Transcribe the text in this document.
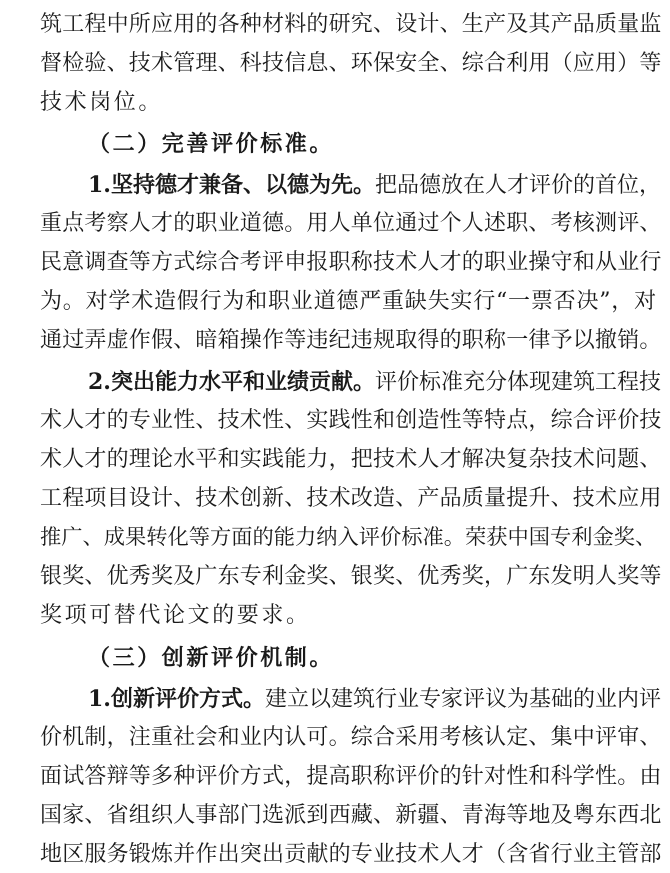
筑工程中所应用的各种材料的研究、设计、生产及其产品质量监
督检验、技术管理、科技信息、环保安全、综合利用（应用）等
技术岗位。
（二）完善评价标准。
1.坚持德才兼备、以德为先。把品德放在人才评价的首位，
重点考察人才的职业道德。用人单位通过个人述职、考核测评、
民意调查等方式综合考评申报职称技术人才的职业操守和从业行
为。对学术造假行为和职业道德严重缺失实行“一票否决”，对
通过弄虚作假、暗箱操作等违纪违规取得的职称一律予以撤销。
2.突出能力水平和业绩贡献。评价标准充分体现建筑工程技
术人才的专业性、技术性、实践性和创造性等特点，综合评价技
术人才的理论水平和实践能力，把技术人才解决复杂技术问题、
工程项目设计、技术创新、技术改造、产品质量提升、技术应用
推广、成果转化等方面的能力纳入评价标准。荣获中国专利金奖、
银奖、优秀奖及广东专利金奖、银奖、优秀奖，广东发明人奖等
奖项可替代论文的要求。
（三）创新评价机制。
1.创新评价方式。建立以建筑行业专家评议为基础的业内评
价机制，注重社会和业内认可。综合采用考核认定、集中评审、
面试答辩等多种评价方式，提高职称评价的针对性和科学性。由
国家、省组织人事部门选派到西藏、新疆、青海等地及粤东西北
地区服务锻炼并作出突出贡献的专业技术人才（含省行业主管部
